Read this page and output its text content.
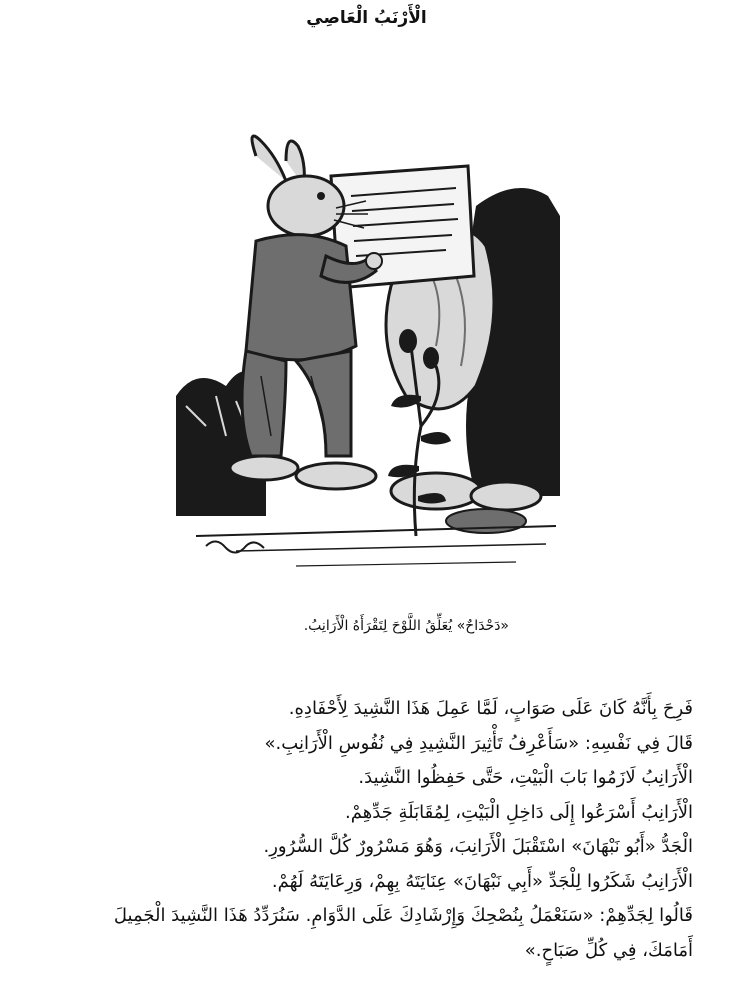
الْأَرْنَبُ الْعَاصِي
«دَحْدَاحٌ» يُعَلِّقُ اللَّوْحَ لِتَقْرَأَهُ الْأَرَانِبُ.

فَرِحَ بِأَنَّهُ كَانَ عَلَى صَوَابٍ، لَمَّا عَمِلَ هَذَا النَّشِيدَ لِأَحْفَادِهِ.

قَالَ فِي نَفْسِهِ: «سَأَعْرِفُ تَأْثِيرَ النَّشِيدِ فِي نُفُوسِ الْأَرَانِبِ.»

الْأَرَانِبُ لَازَمُوا بَابَ الْبَيْتِ، حَتَّى حَفِظُوا النَّشِيدَ.

الْأَرَانِبُ أَسْرَعُوا إِلَى دَاخِلِ الْبَيْتِ، لِمُقَابَلَةِ جَدِّهِمْ.

الْجَدُّ «أَبُو نَبْهَانَ» اسْتَقْبَلَ الْأَرَانِبَ، وَهُوَ مَسْرُورٌ كُلَّ السُّرُورِ.

الْأَرَانِبُ شَكَرُوا لِلْجَدِّ «أَبِي نَبْهَانَ» عِنَايَتَهُ بِهِمْ، وَرِعَايَتَهُ لَهُمْ.

قَالُوا لِجَدِّهِمْ: «سَنَعْمَلُ بِنُصْحِكَ وَإِرْشَادِكَ عَلَى الدَّوَامِ. سَنُرَدِّدُ هَذَا النَّشِيدَ الْجَمِيلَ

أَمَامَكَ، فِي كُلِّ صَبَاحٍ.»
